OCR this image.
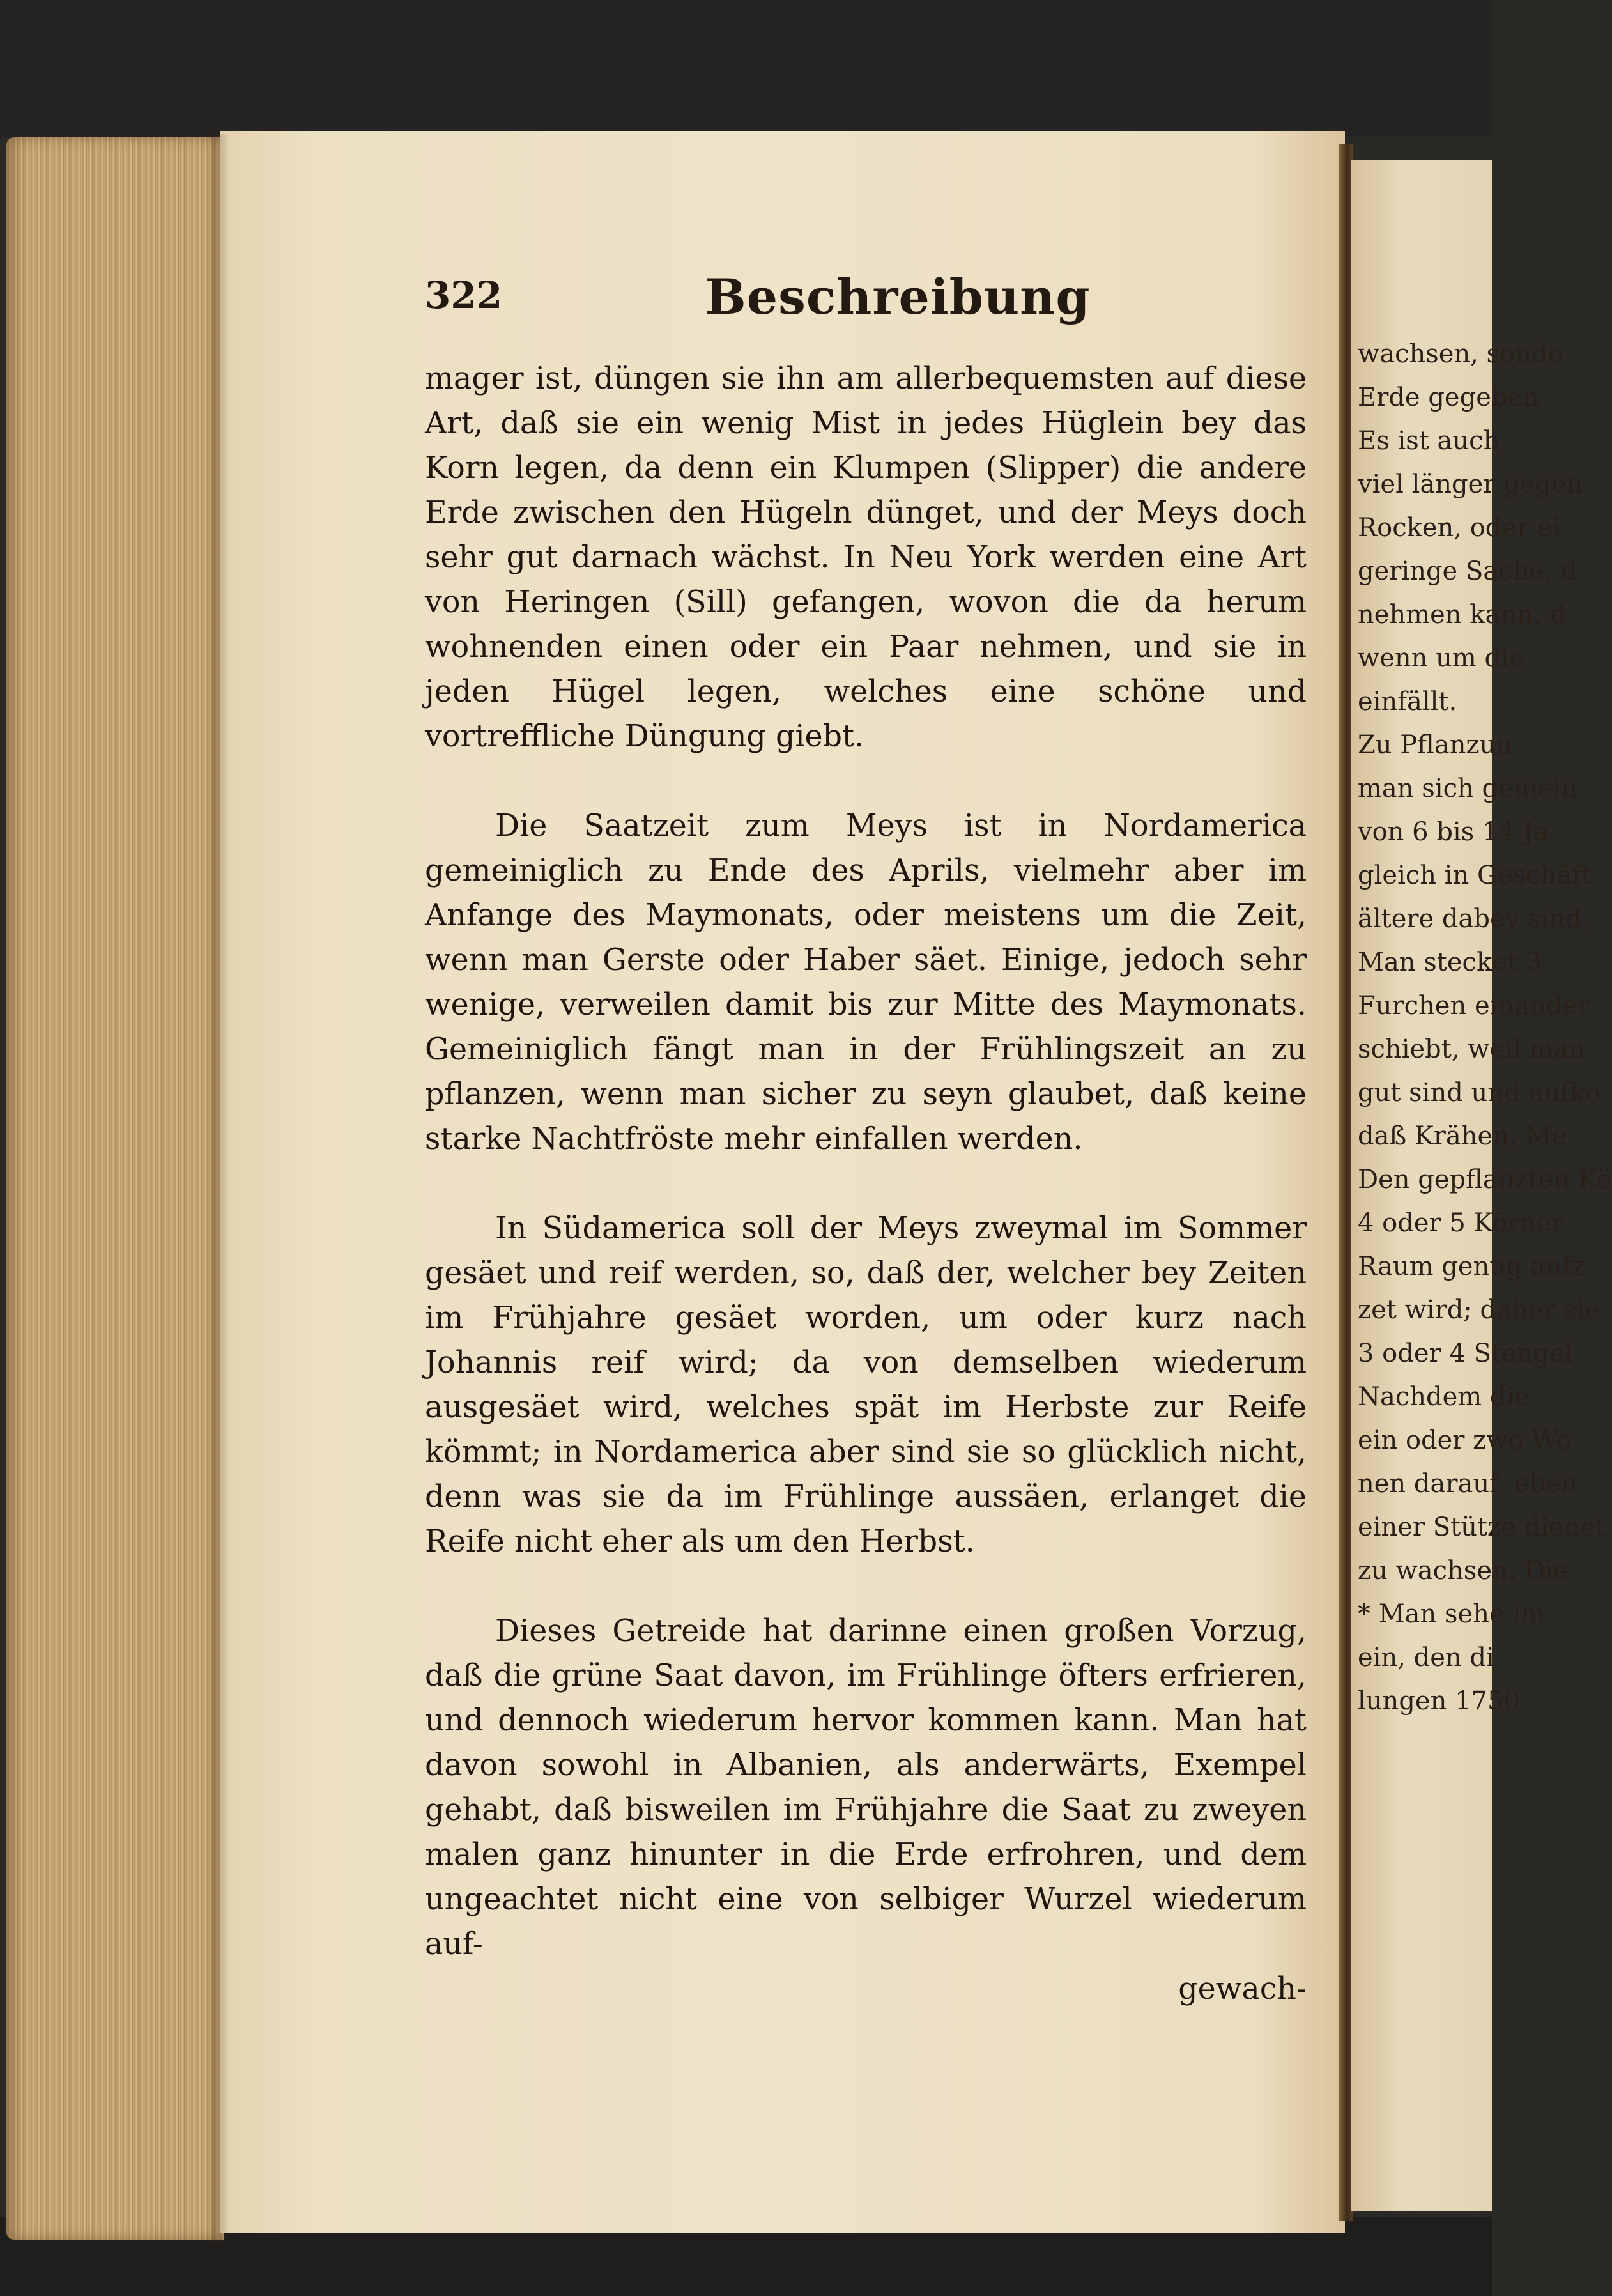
322	Beschreibung

mager ist, düngen sie ihn am allerbequemsten auf diese Art, daß sie ein wenig Mist in jedes Hüglein bey das Korn legen, da denn ein Klumpen (Slipper) die andere Erde zwischen den Hügeln dünget, und der Meys doch sehr gut darnach wächst. In Neu York werden eine Art von Heringen (Sill) gefangen, wovon die da herum wohnenden einen oder ein Paar nehmen, und sie in jeden Hügel legen, welches eine schöne und vortreffliche Düngung giebt.

Die Saatzeit zum Meys ist in Nordamerica gemeiniglich zu Ende des Aprils, vielmehr aber im Anfange des Maymonats, oder meistens um die Zeit, wenn man Gerste oder Haber säet. Einige, jedoch sehr wenige, verweilen damit bis zur Mitte des Maymonats. Gemeiniglich fängt man in der Frühlingszeit an zu pflanzen, wenn man sicher zu seyn glaubet, daß keine starke Nachtfröste mehr einfallen werden.

In Südamerica soll der Meys zweymal im Sommer gesäet und reif werden, so, daß der, welcher bey Zeiten im Frühjahre gesäet worden, um oder kurz nach Johannis reif wird; da von demselben wiederum ausgesäet wird, welches spät im Herbste zur Reife kömmt; in Nordamerica aber sind sie so glücklich nicht, denn was sie da im Frühlinge aussäen, erlanget die Reife nicht eher als um den Herbst.

Dieses Getreide hat darinne einen großen Vorzug, daß die grüne Saat davon, im Frühlinge öfters erfrieren, und dennoch wiederum hervor kommen kann. Man hat davon sowohl in Albanien, als anderwärts, Exempel gehabt, daß bisweilen im Frühjahre die Saat zu zweyen malen ganz hinunter in die Erde erfrohren, und dem ungeachtet nicht eine von selbiger Wurzel wiederum auf-

gewach-

wachsen, sonde
Erde gegeben
Es ist auch
viel länger gegen
Rocken, oder ei
geringe Sache, d
nehmen kann, d
wenn um die
einfällt.
Zu Pflanzun
man sich gemein
von 6 bis 14 Ja
gleich in Geschäft
ältere dabey sind,
Man stecket 3
Furchen einander
schiebt, weil man
gut sind und aufko
daß Krähen, Me
Den gepflanzten Kö
4 oder 5 Körner
Raum genug aufz
zet wird; daher sie
3 oder 4 Stengel
Nachdem die
ein oder zwo Wo
nen darauf, eben
einer Stütze dienet
zu wachsen. Die
* Man sehe im
ein, den di
lungen 1750
